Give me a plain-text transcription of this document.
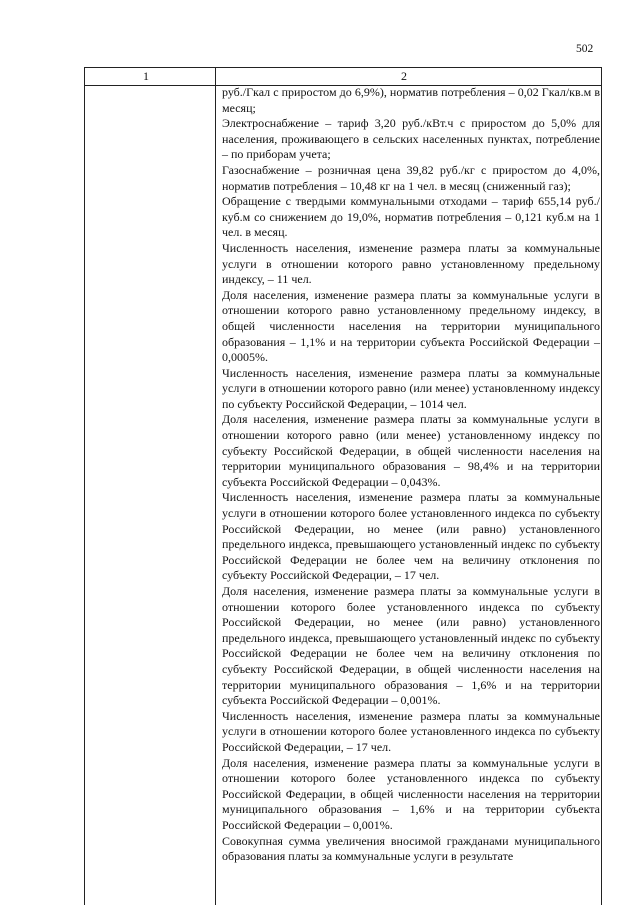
502
1	2

руб./Гкал с приростом до 6,9%), норматив потребления – 0,02 Гкал/кв.м в месяц;

Электроснабжение – тариф 3,20 руб./кВт.ч с приростом до 5,0% для населения, проживающего в сельских населенных пунктах, потребление – по приборам учета;

Газоснабжение – розничная цена 39,82 руб./кг с приростом до 4,0%, норматив потребления – 10,48 кг на 1 чел. в месяц (сниженный газ);

Обращение с твердыми коммунальными отходами – тариф 655,14 руб./куб.м со снижением до 19,0%, норматив потребления – 0,121 куб.м на 1 чел. в месяц.

Численность населения, изменение размера платы за коммунальные услуги в отношении которого равно установленному предельному индексу, – 11 чел.

Доля населения, изменение размера платы за коммунальные услуги в отношении которого равно установленному предельному индексу, в общей численности населения на территории муниципального образования – 1,1% и на территории субъекта Российской Федерации – 0,0005%.

Численность населения, изменение размера платы за коммунальные услуги в отношении которого равно (или менее) установленному индексу по субъекту Российской Федерации, – 1014 чел.

Доля населения, изменение размера платы за коммунальные услуги в отношении которого равно (или менее) установленному индексу по субъекту Российской Федерации, в общей численности населения на территории муниципального образования – 98,4% и на территории субъекта Российской Федерации – 0,043%.

Численность населения, изменение размера платы за коммунальные услуги в отношении которого более установленного индекса по субъекту Российской Федерации, но менее (или равно) установленного предельного индекса, превышающего установленный индекс по субъекту Российской Федерации не более чем на величину отклонения по субъекту Российской Федерации, – 17 чел.

Доля населения, изменение размера платы за коммунальные услуги в отношении которого более установленного индекса по субъекту Российской Федерации, но менее (или равно) установленного предельного индекса, превышающего установленный индекс по субъекту Российской Федерации не более чем на величину отклонения по субъекту Российской Федерации, в общей численности населения на территории муниципального образования – 1,6% и на территории субъекта Российской Федерации – 0,001%.

Численность населения, изменение размера платы за коммунальные услуги в отношении которого более установленного индекса по субъекту Российской Федерации, – 17 чел.

Доля населения, изменение размера платы за коммунальные услуги в отношении которого более установленного индекса по субъекту Российской Федерации, в общей численности населения на территории муниципального образования – 1,6% и на территории субъекта Российской Федерации – 0,001%.

Совокупная сумма увеличения вносимой гражданами муниципального образования платы за коммунальные услуги в результате
